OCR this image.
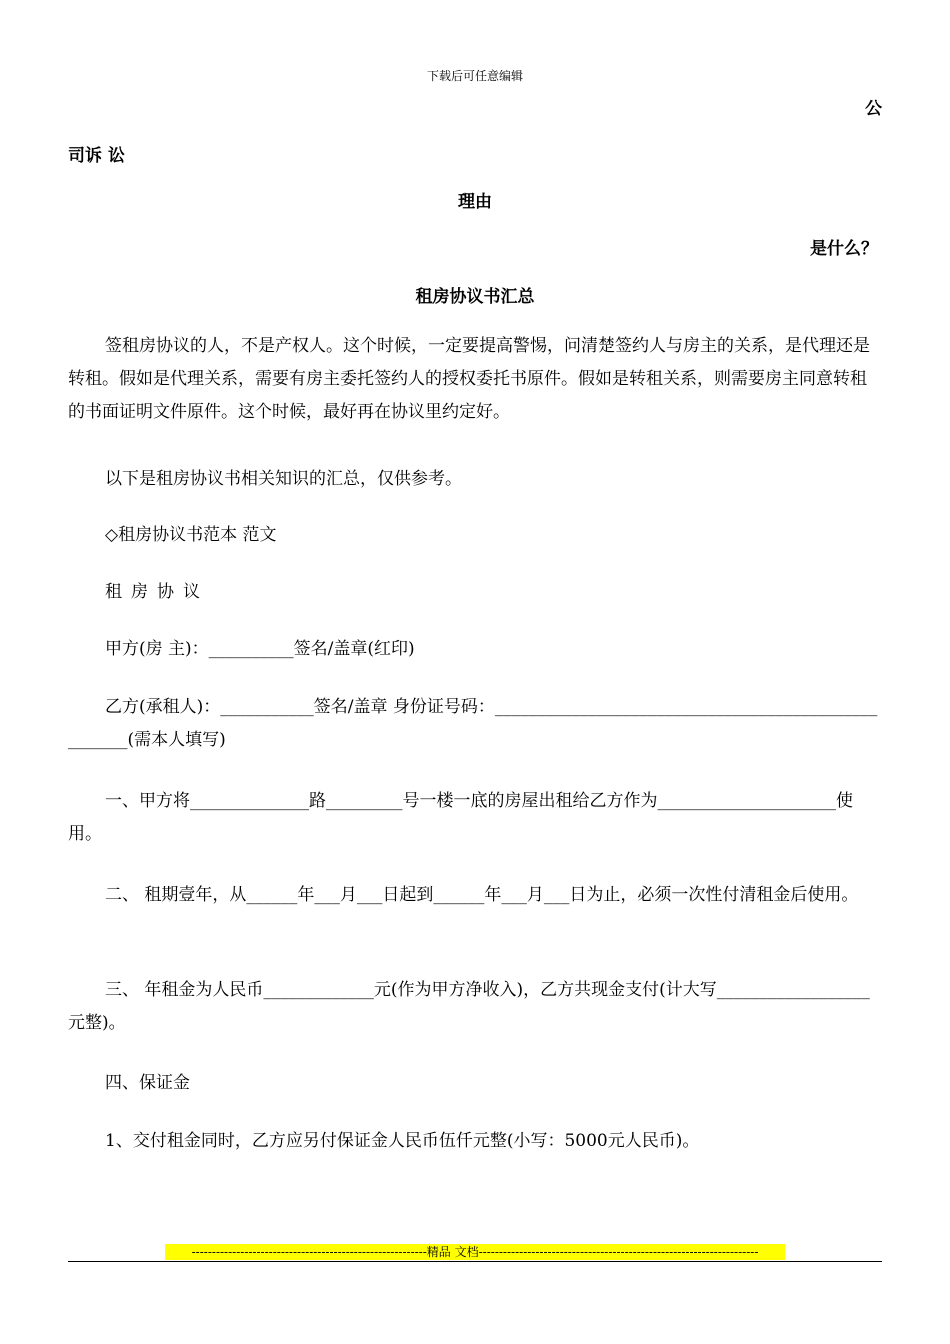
下载后可任意编辑
公
司诉 讼
理由
是什么？
租房协议书汇总
签租房协议的人，不是产权人。这个时候，一定要提高警惕，问清楚签约人与房主的关系，是代理还是转租。假如是代理关系，需要有房主委托签约人的授权委托书原件。假如是转租关系，则需要房主同意转租的书面证明文件原件。这个时候，最好再在协议里约定好。
以下是租房协议书相关知识的汇总，仅供参考。
◇租房协议书范本 范文
租房协议
甲方(房 主)：__________签名/盖章(红印)
乙方(承租人)：___________签名/盖章 身份证号码：____________________________________________________(需本人填写)
一、甲方将______________路_________号一楼一底的房屋出租给乙方作为_____________________使用。
二、 租期壹年，从______年___月___日起到______年___月___日为止，必须一次性付清租金后使用。
三、 年租金为人民币_____________元(作为甲方净收入)，乙方共现金支付(计大写__________________元整)。
四、保证金
1、交付租金同时，乙方应另付保证金人民币伍仟元整(小写：5000元人民币)。
----------------------------------------------------------精品 文档---------------------------------------------------------------------
